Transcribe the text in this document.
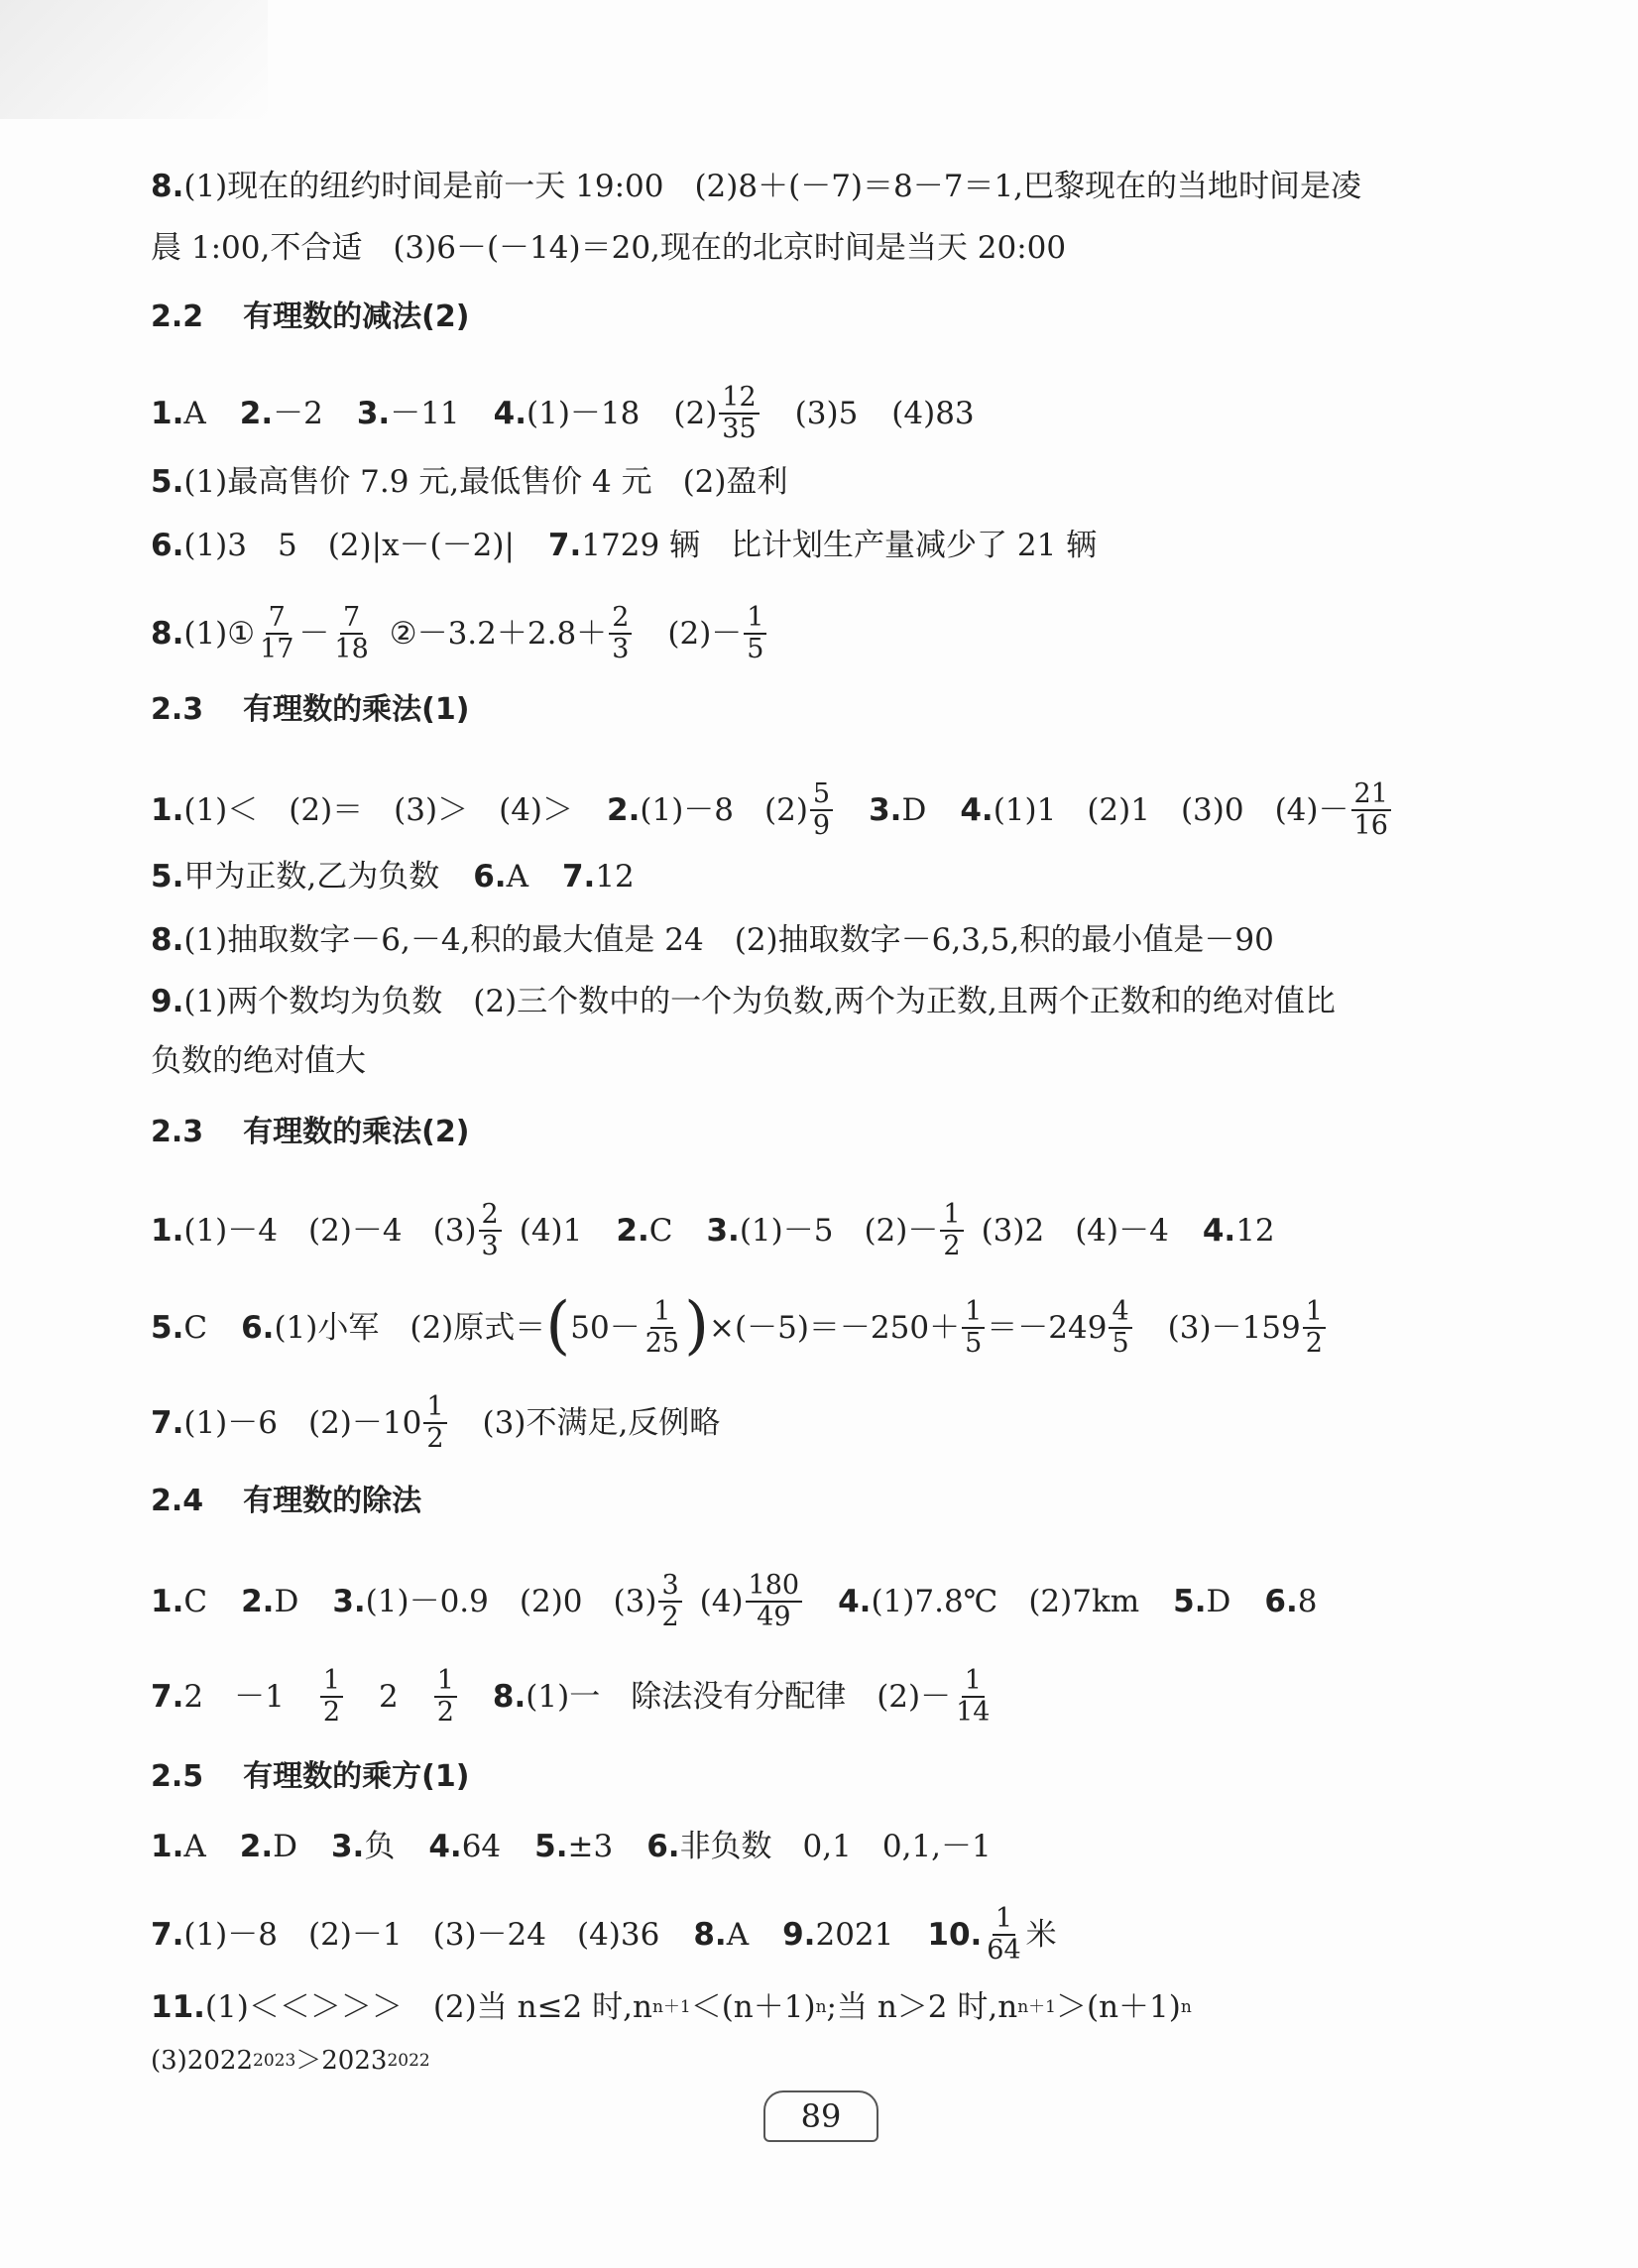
8. (1)现在的纽约时间是前一天 19:00　(2)8＋(－7)＝8－7＝1,巴黎现在的当地时间是凌
晨 1:00,不合适　(3)6－(－14)＝20,现在的北京时间是当天 20:00
2.2 有理数的减法(2)
1. A 2. －2 3. －11 4. (1)－18 $(2) \frac{12}{35} (3)5$ (4)83
5. (1)最高售价 7.9 元,最低售价 4 元　(2)盈利
6. (1)3　5　(2)|x－(－2)| 7. 1729 辆　比计划生产量减少了 21 辆
8. (1)① $\frac{7}{17} - \frac{7}{18}$ ②－3.2＋2.8＋ $\frac{2}{3} (2)- \frac{1}{5}$
2.3 有理数的乘法(1)
1. (1)＜　(2)＝　(3)＞　(4)＞ 2. (1)－8　$(2) \frac{5}{9} 3$. D 4. (1)1　(2)1　(3)0　$(4)- \frac{21}{16}$
5. 甲为正数,乙为负数 6. A 7. 12
8. (1)抽取数字－6,－4,积的最大值是 24　(2)抽取数字－6,3,5,积的最小值是－90
9. (1)两个数均为负数　(2)三个数中的一个为负数,两个为正数,且两个正数和的绝对值比
负数的绝对值大
2.3 有理数的乘法(2)
1. (1)－4　(2)－4　$(3) \frac{2}{3} (4)1$ 2. C 3. (1)－5　$(2)- \frac{1}{2} (3)2$　(4)－4 4. 12
5. C 6. (1)小军　(2)原式＝ ( $50- \frac{1}{25}$ ) $\times(-5)=-250+ \frac{1}{5} =-249 \frac{4}{5} (3)-159 \frac{1}{2}$
7. (1)－6　$(2)-10 \frac{1}{2} (3)$不满足,反例略
2.4 有理数的除法
1. C 2. D 3. (1)－0.9　(2)0　$(3) \frac{3}{2} (4) \frac{180}{49} 4$. (1)7.8℃　(2)7km 5. D 6. 8
7. 2　$-1 \frac{1}{2} 2 \frac{1}{2} 8$. (1)一　除法没有分配律　$(2)- \frac{1}{14}$
2.5 有理数的乘方(1)
1. A 2. D 3. 负 4. 64 5. ±3 6. 非负数　0,1　0,1,－1
7. (1)－8　(2)－1　(3)－24　(4)36 8. A 9. 2021 10. $\frac{1}{64}$ 米
11. (1)＜＜＞＞＞　(2)当 n≤2 时,n n＋1 ＜(n＋1) n ;当 n＞2 时,n n＋1 ＞(n＋1) n
(3)2022 2023 ＞2023 2022
89
